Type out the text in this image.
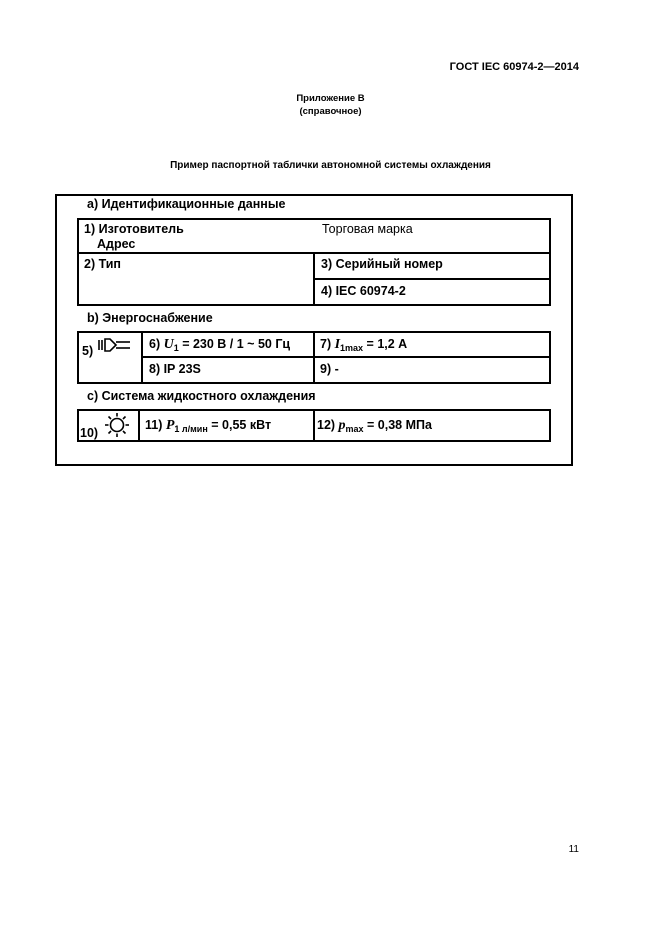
ГОСТ IEC 60974-2—2014
Приложение В
(справочное)
Пример паспортной таблички автономной системы охлаждения
а) Идентификационные данные
1) Изготовитель
Адрес
Торговая марка
2) Тип	3) Серийный номер
4) IEC 60974-2
b) Энергоснабжение
5)	6) $U_1 = 230$ В / 1 ~ 50 Гц 7) $I_{1max} = 1,2$ А
8) IP 23S	9) -
с) Система жидкостного охлаждения
10)
11) $P_{1 л/мин} = 0,55$ кВт	12) $p_{max} = 0,38$ МПа
11
